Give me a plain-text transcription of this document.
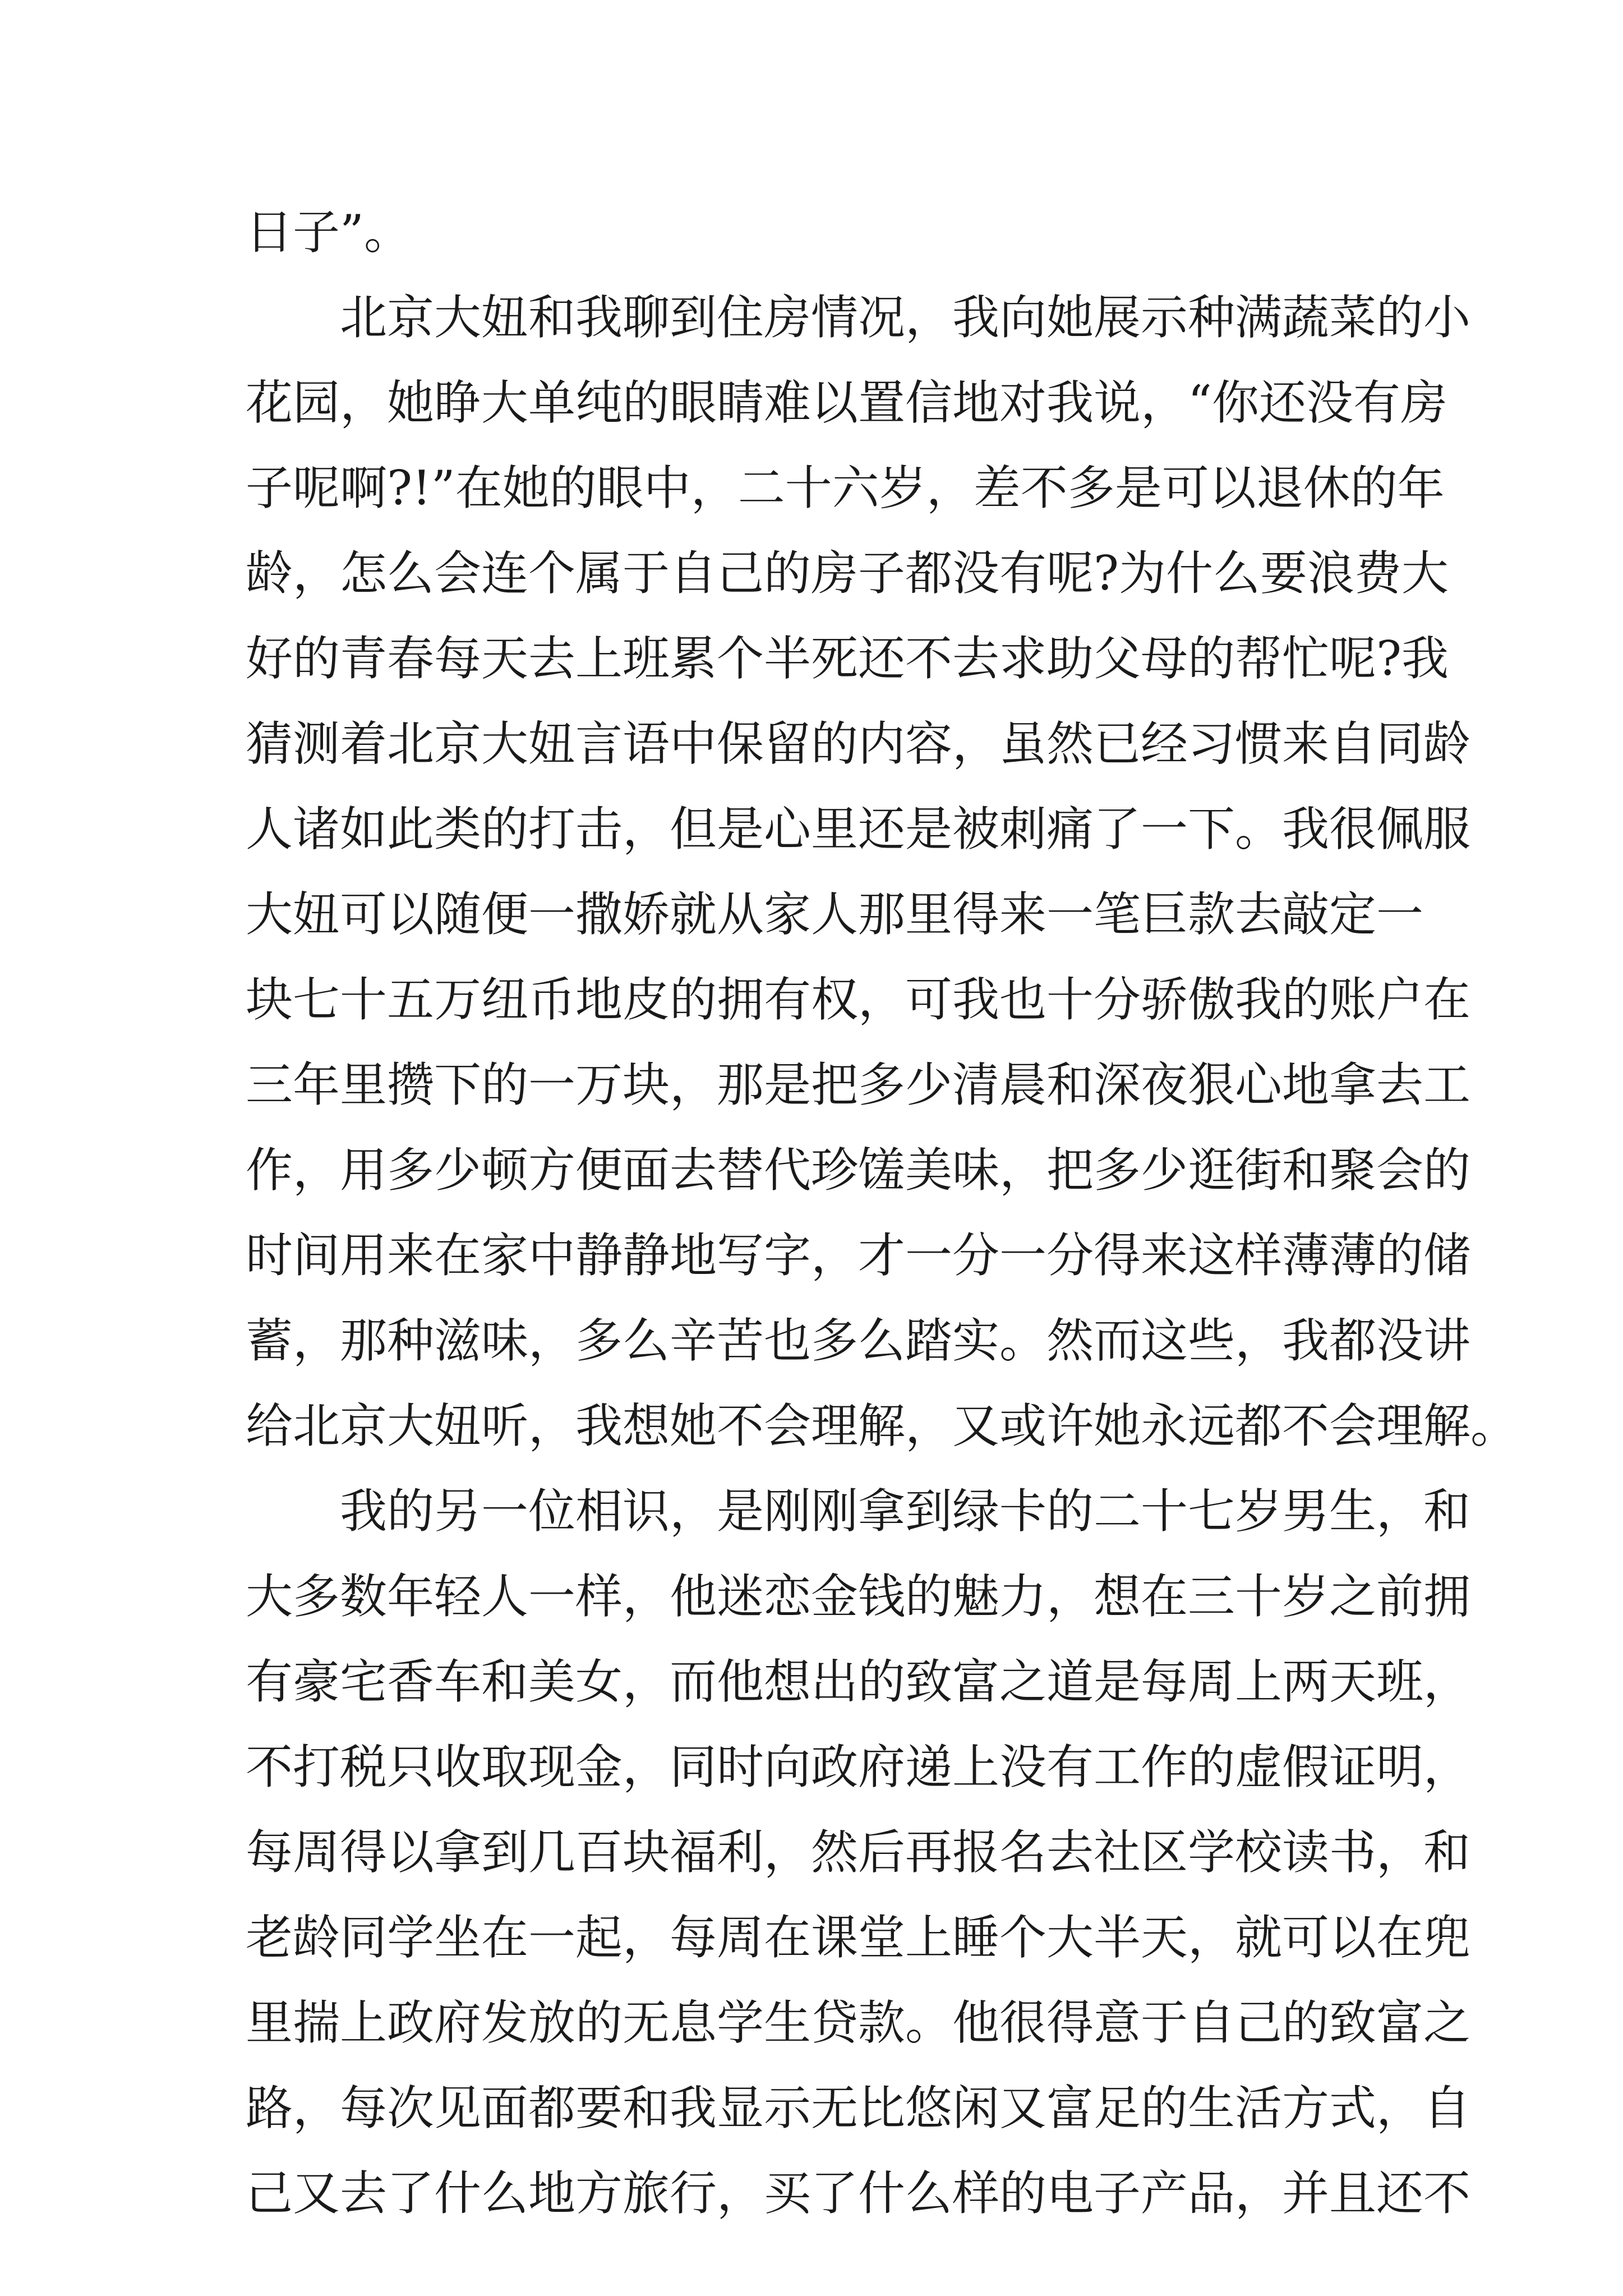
日子”。
北京大妞和我聊到住房情况，我向她展示种满蔬菜的小
花园，她睁大单纯的眼睛难以置信地对我说，“你还没有房
子呢啊?!”在她的眼中，二十六岁，差不多是可以退休的年
龄，怎么会连个属于自己的房子都没有呢?为什么要浪费大
好的青春每天去上班累个半死还不去求助父母的帮忙呢?我
猜测着北京大妞言语中保留的内容，虽然已经习惯来自同龄
人诸如此类的打击，但是心里还是被刺痛了一下。我很佩服
大妞可以随便一撒娇就从家人那里得来一笔巨款去敲定一
块七十五万纽币地皮的拥有权，可我也十分骄傲我的账户在
三年里攒下的一万块，那是把多少清晨和深夜狠心地拿去工
作，用多少顿方便面去替代珍馐美味，把多少逛街和聚会的
时间用来在家中静静地写字，才一分一分得来这样薄薄的储
蓄，那种滋味，多么辛苦也多么踏实。然而这些，我都没讲
给北京大妞听，我想她不会理解，又或许她永远都不会理解。
我的另一位相识，是刚刚拿到绿卡的二十七岁男生，和
大多数年轻人一样，他迷恋金钱的魅力，想在三十岁之前拥
有豪宅香车和美女，而他想出的致富之道是每周上两天班，
不打税只收取现金，同时向政府递上没有工作的虚假证明，
每周得以拿到几百块福利，然后再报名去社区学校读书，和
老龄同学坐在一起，每周在课堂上睡个大半天，就可以在兜
里揣上政府发放的无息学生贷款。他很得意于自己的致富之
路，每次见面都要和我显示无比悠闲又富足的生活方式，自
己又去了什么地方旅行，买了什么样的电子产品，并且还不
